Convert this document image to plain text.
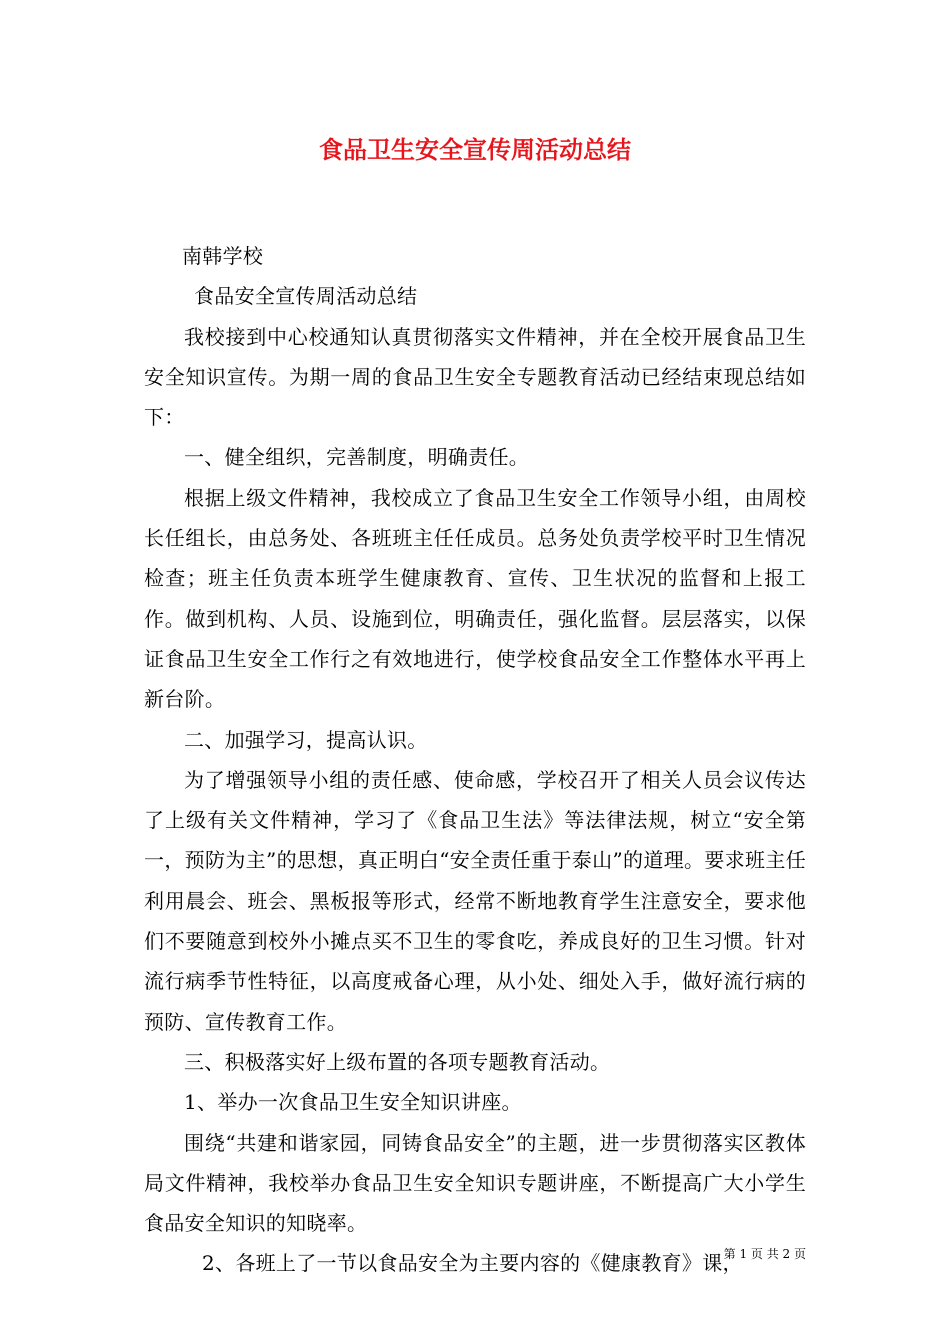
食品卫生安全宣传周活动总结

南韩学校

食品安全宣传周活动总结

我校接到中心校通知认真贯彻落实文件精神，并在全校开展食品卫生安全知识宣传。为期一周的食品卫生安全专题教育活动已经结束现总结如下：

一、健全组织，完善制度，明确责任。

根据上级文件精神，我校成立了食品卫生安全工作领导小组，由周校长任组长，由总务处、各班班主任任成员。总务处负责学校平时卫生情况检查；班主任负责本班学生健康教育、宣传、卫生状况的监督和上报工作。做到机构、人员、设施到位，明确责任，强化监督。层层落实，以保证食品卫生安全工作行之有效地进行，使学校食品安全工作整体水平再上新台阶。

二、加强学习，提高认识。

为了增强领导小组的责任感、使命感，学校召开了相关人员会议传达了上级有关文件精神，学习了《食品卫生法》等法律法规，树立“安全第一，预防为主”的思想，真正明白“安全责任重于泰山”的道理。要求班主任利用晨会、班会、黑板报等形式，经常不断地教育学生注意安全，要求他们不要随意到校外小摊点买不卫生的零食吃，养成良好的卫生习惯。针对流行病季节性特征，以高度戒备心理，从小处、细处入手，做好流行病的预防、宣传教育工作。

三、积极落实好上级布置的各项专题教育活动。

1、举办一次食品卫生安全知识讲座。

围绕“共建和谐家园，同铸食品安全”的主题，进一步贯彻落实区教体局文件精神，我校举办食品卫生安全知识专题讲座，不断提高广大小学生食品安全知识的知晓率。

2、各班上了一节以食品安全为主要内容的《健康教育》课，

第 1 页 共 2 页
